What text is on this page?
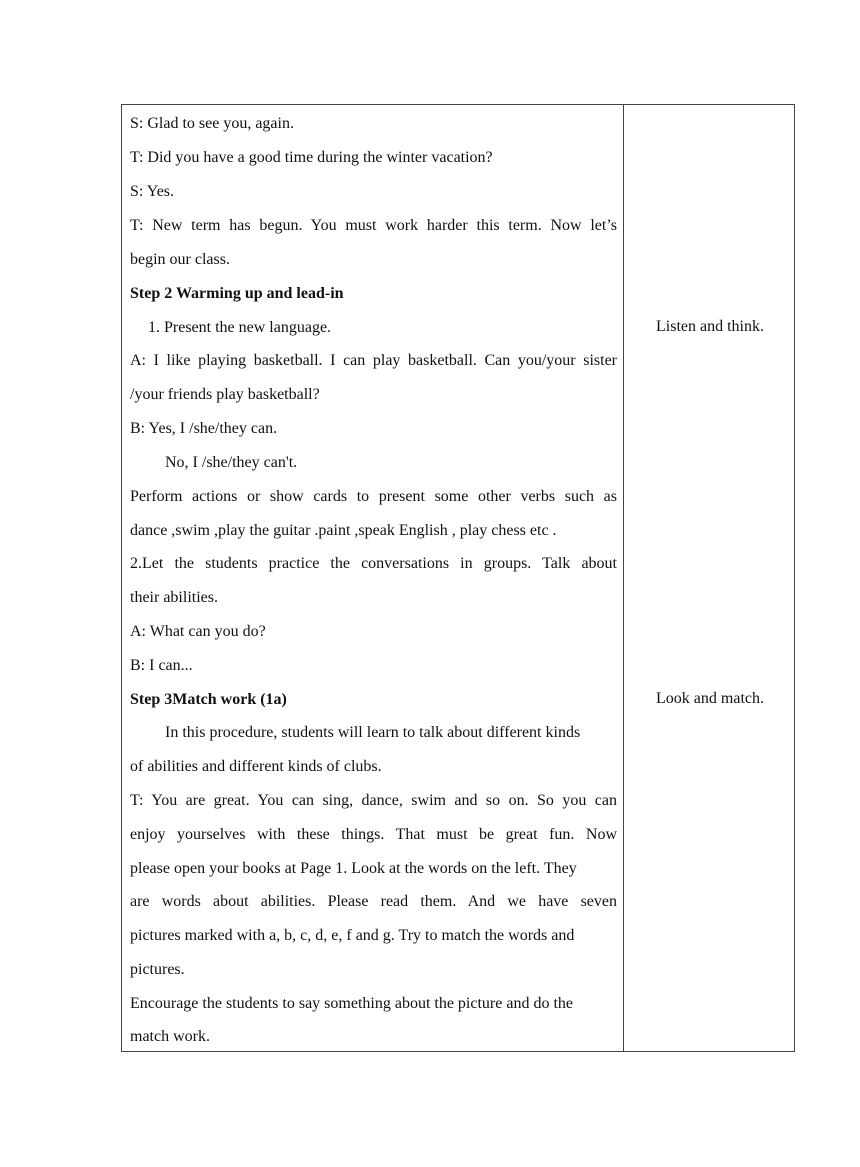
S: Glad to see you, again.
T: Did you have a good time during the winter vacation?
S: Yes.
T: New term has begun. You must work harder this term. Now let’s
begin our class.
Step 2 Warming up and lead-in
1. Present the new language.
A: I like playing basketball. I can play basketball. Can you/your sister
/your friends play basketball?
B: Yes, I /she/they can.
No, I /she/they can't.
Perform actions or show cards to present some other verbs such as
dance ,swim ,play the guitar .paint ,speak English , play chess etc .
2.Let the students practice the conversations in groups. Talk about
their abilities.
A: What can you do?
B: I can...
Step 3Match work (1a)
In this procedure, students will learn to talk about different kinds
of abilities and different kinds of clubs.
T: You are great. You can sing, dance, swim and so on. So you can
enjoy yourselves with these things. That must be great fun. Now
please open your books at Page 1. Look at the words on the left. They
are words about abilities. Please read them. And we have seven
pictures marked with a, b, c, d, e, f and g. Try to match the words and
pictures.
Encourage the students to say something about the picture and do the
match work.
Listen and think.
Look and match.
